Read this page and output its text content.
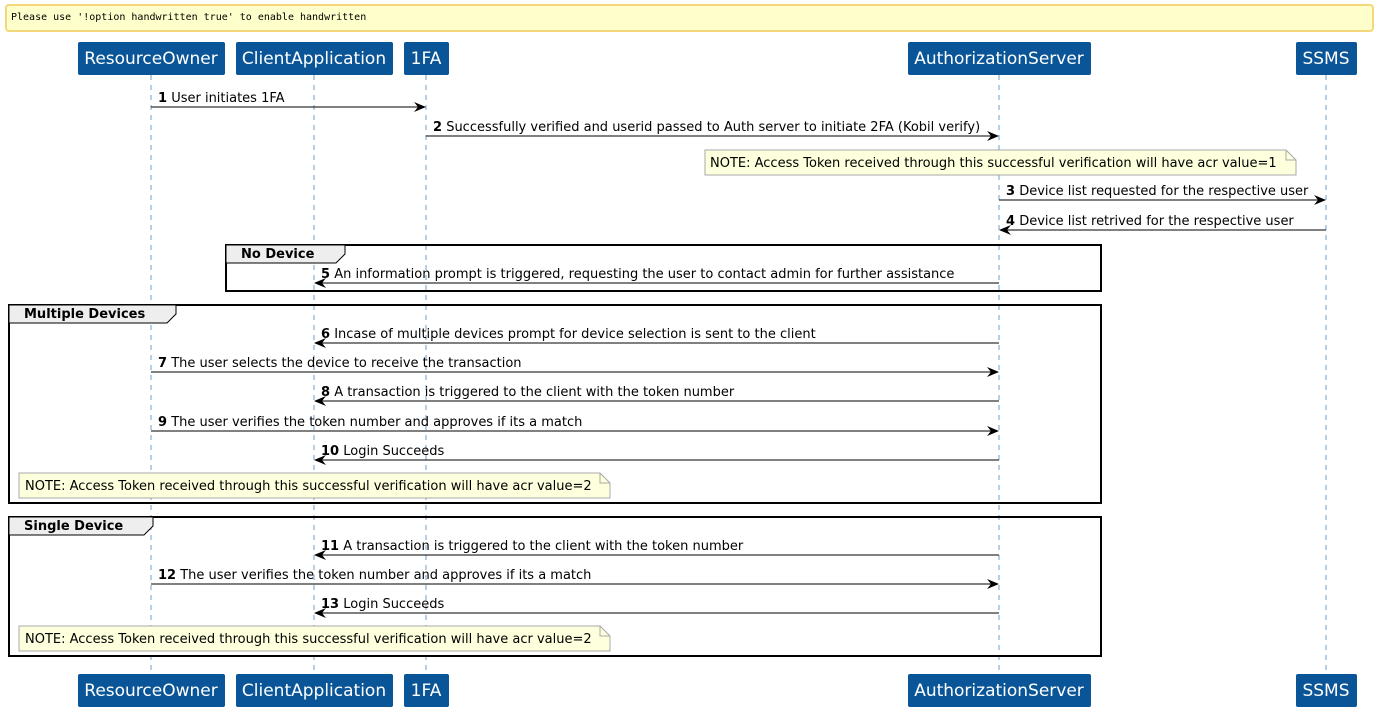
Please use '!option handwritten true' to enable handwritten
No Device
Multiple Devices
Single Device
NOTE: Access Token received through this successful verification will have acr value=1
NOTE: Access Token received through this successful verification will have acr value=2
NOTE: Access Token received through this successful verification will have acr value=2
1 User initiates 1FA
2 Successfully verified and userid passed to Auth server to initiate 2FA (Kobil verify)
3 Device list requested for the respective user
4 Device list retrived for the respective user
5 An information prompt is triggered, requesting the user to contact admin for further assistance
6 Incase of multiple devices prompt for device selection is sent to the client
7 The user selects the device to receive the transaction
8 A transaction is triggered to the client with the token number
9 The user verifies the token number and approves if its a match
10 Login Succeeds
11 A transaction is triggered to the client with the token number
12 The user verifies the token number and approves if its a match
13 Login Succeeds
ResourceOwner
ResourceOwner
ClientApplication
ClientApplication
1FA
1FA
AuthorizationServer
AuthorizationServer
SSMS
SSMS
